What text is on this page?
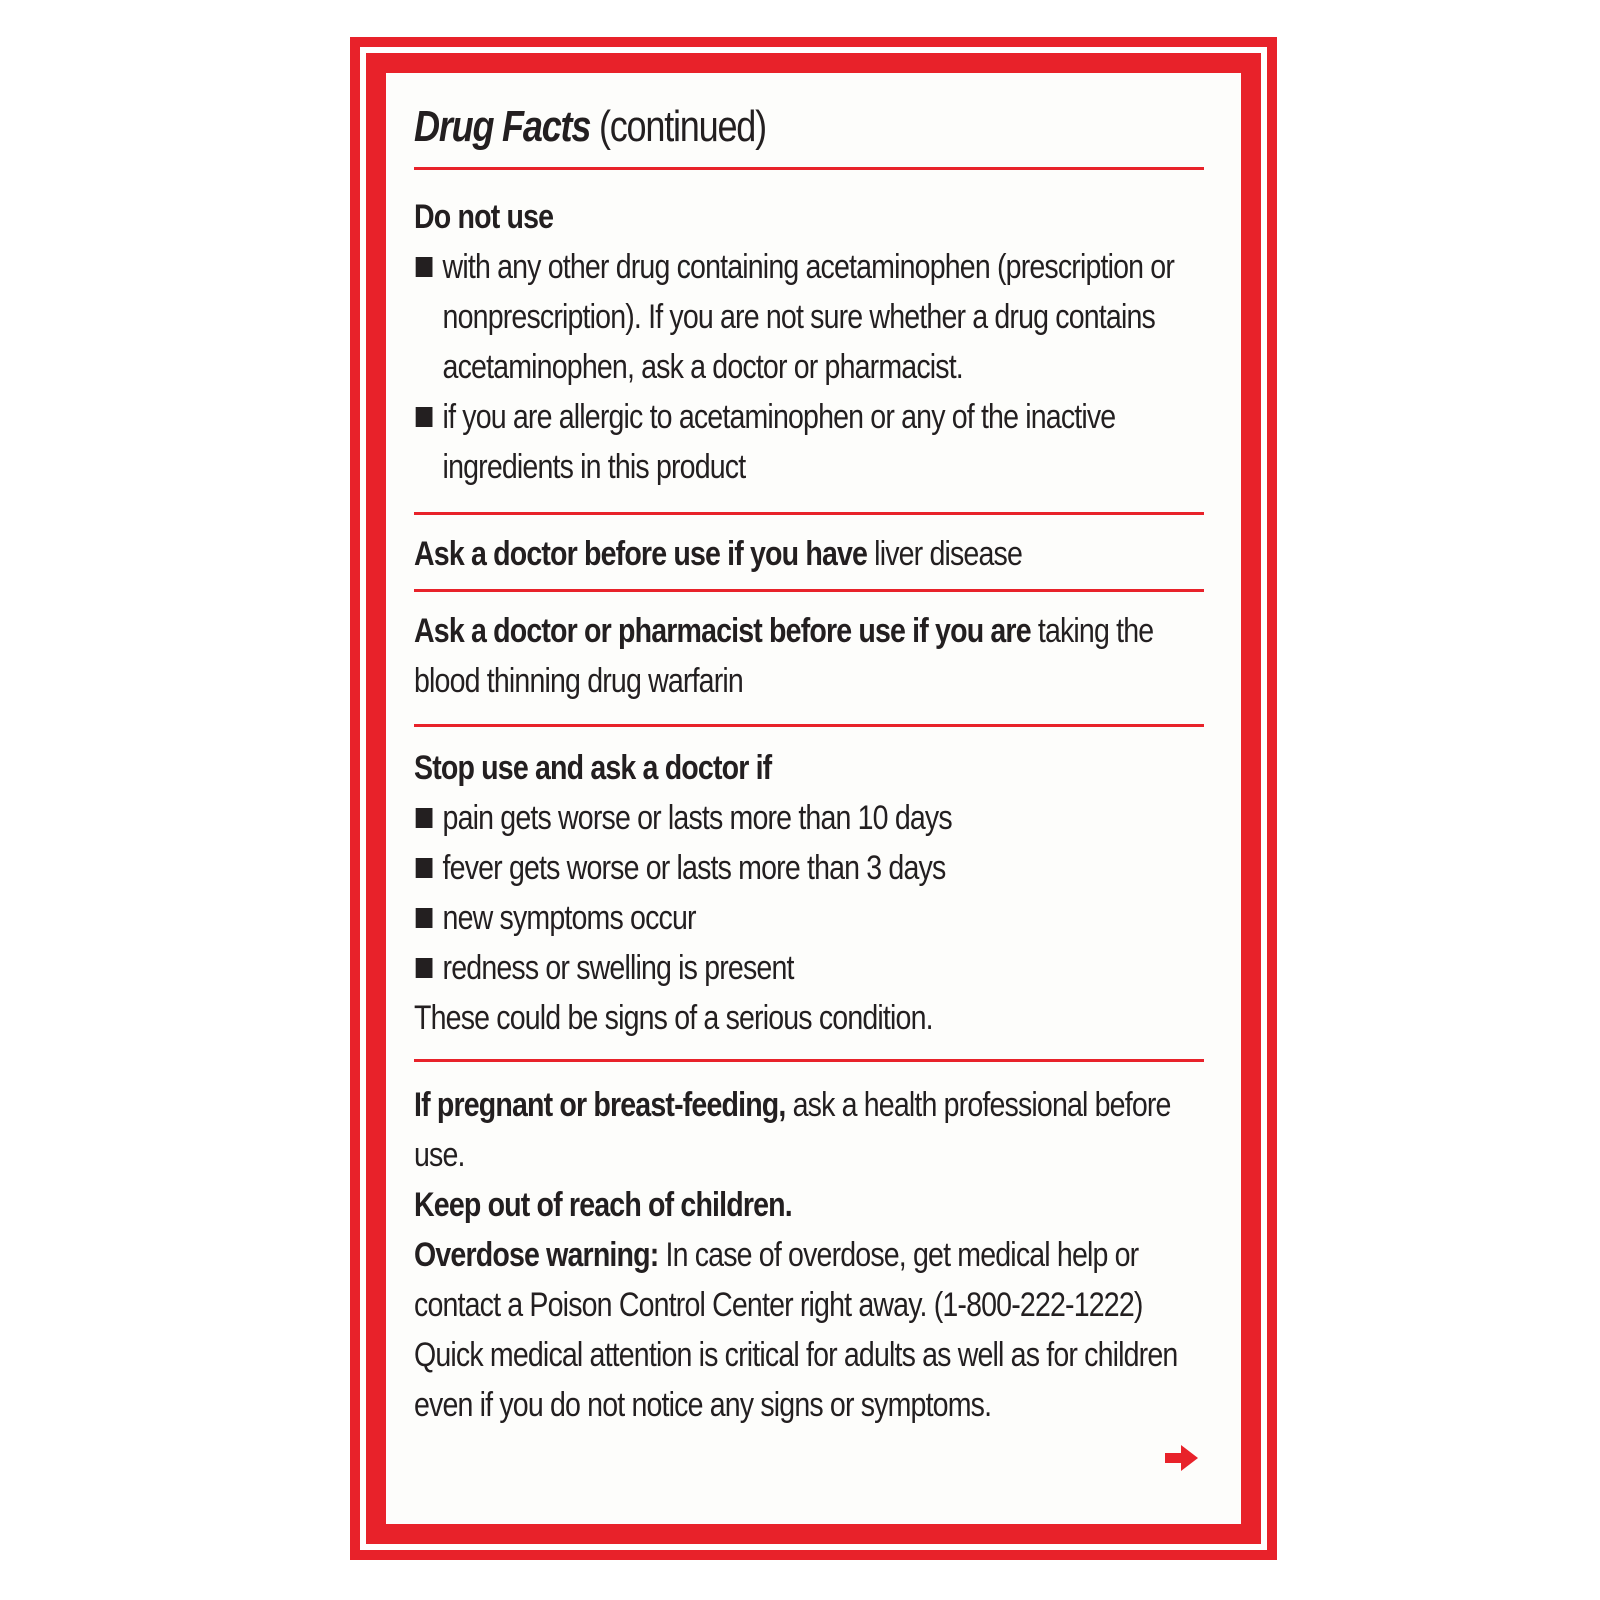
Drug Facts (continued)
Do not use
with any other drug containing acetaminophen (prescription or nonprescription). If you are not sure whether a drug contains acetaminophen, ask a doctor or pharmacist.
if you are allergic to acetaminophen or any of the inactive ingredients in this product
Ask a doctor before use if you have liver disease
Ask a doctor or pharmacist before use if you are taking the blood thinning drug warfarin
Stop use and ask a doctor if
pain gets worse or lasts more than 10 days
fever gets worse or lasts more than 3 days
new symptoms occur
redness or swelling is present
These could be signs of a serious condition.
If pregnant or breast-feeding, ask a health professional before use.
Keep out of reach of children.
Overdose warning: In case of overdose, get medical help or contact a Poison Control Center right away. (1-800-222-1222) Quick medical attention is critical for adults as well as for children even if you do not notice any signs or symptoms.
